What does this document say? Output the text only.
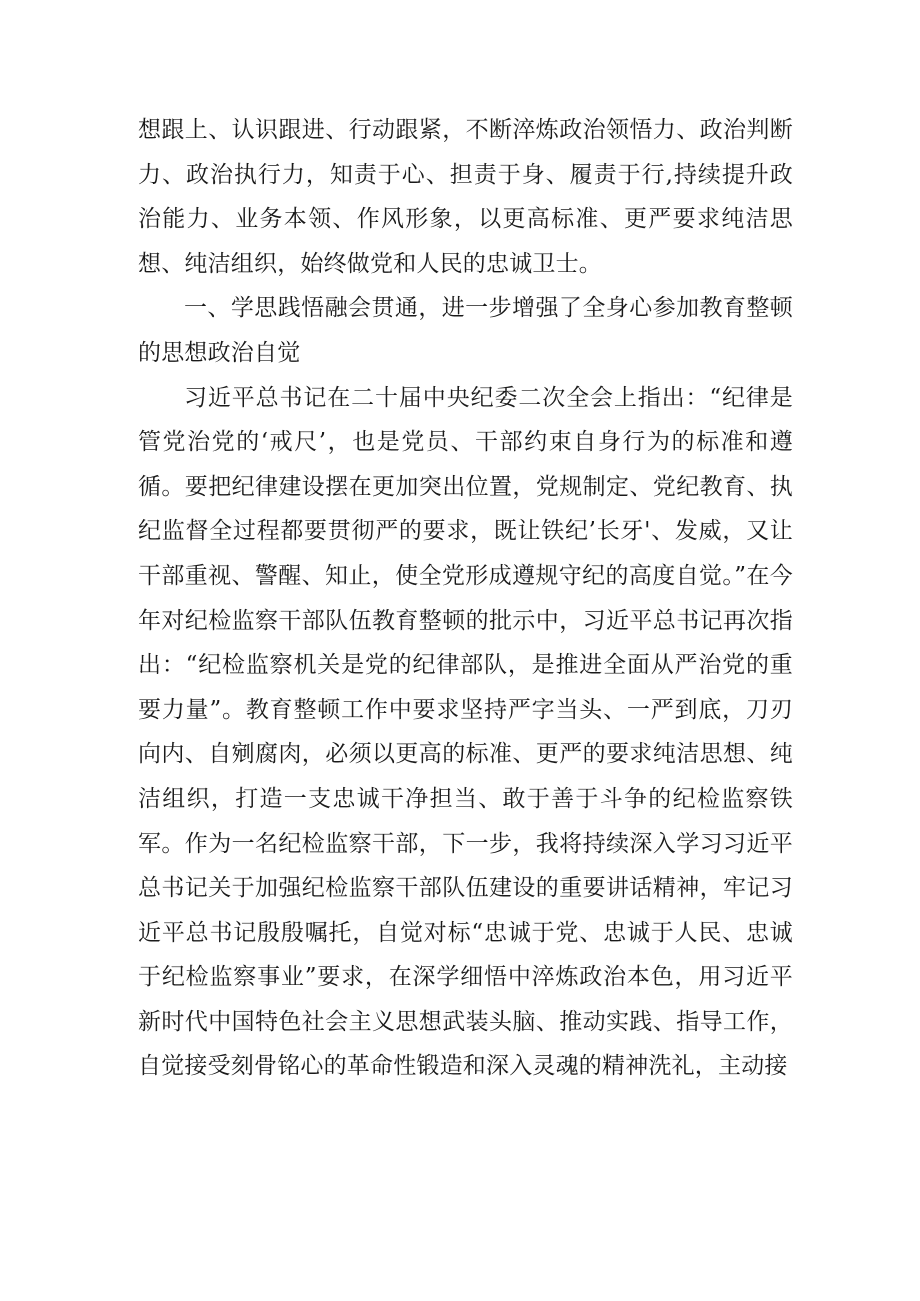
想跟上、认识跟进、行动跟紧，不断淬炼政治领悟力、政治判断力、政治执行力，知责于心、担责于身、履责于行,持续提升政治能力、业务本领、作风形象，以更高标准、更严要求纯洁思想、纯洁组织，始终做党和人民的忠诚卫士。

一、学思践悟融会贯通，进一步增强了全身心参加教育整顿的思想政治自觉

习近平总书记在二十届中央纪委二次全会上指出：“纪律是管党治党的‘戒尺’，也是党员、干部约束自身行为的标准和遵循。要把纪律建设摆在更加突出位置，党规制定、党纪教育、执纪监督全过程都要贯彻严的要求，既让铁纪’长牙'、发威，又让干部重视、警醒、知止，使全党形成遵规守纪的高度自觉。”在今年对纪检监察干部队伍教育整顿的批示中，习近平总书记再次指出：“纪检监察机关是党的纪律部队，是推进全面从严治党的重要力量”。教育整顿工作中要求坚持严字当头、一严到底，刀刃向内、自剜腐肉，必须以更高的标准、更严的要求纯洁思想、纯洁组织，打造一支忠诚干净担当、敢于善于斗争的纪检监察铁军。作为一名纪检监察干部，下一步，我将持续深入学习习近平总书记关于加强纪检监察干部队伍建设的重要讲话精神，牢记习近平总书记殷殷嘱托，自觉对标“忠诚于党、忠诚于人民、忠诚于纪检监察事业”要求，在深学细悟中淬炼政治本色，用习近平新时代中国特色社会主义思想武装头脑、推动实践、指导工作，自觉接受刻骨铭心的革命性锻造和深入灵魂的精神洗礼，主动接
